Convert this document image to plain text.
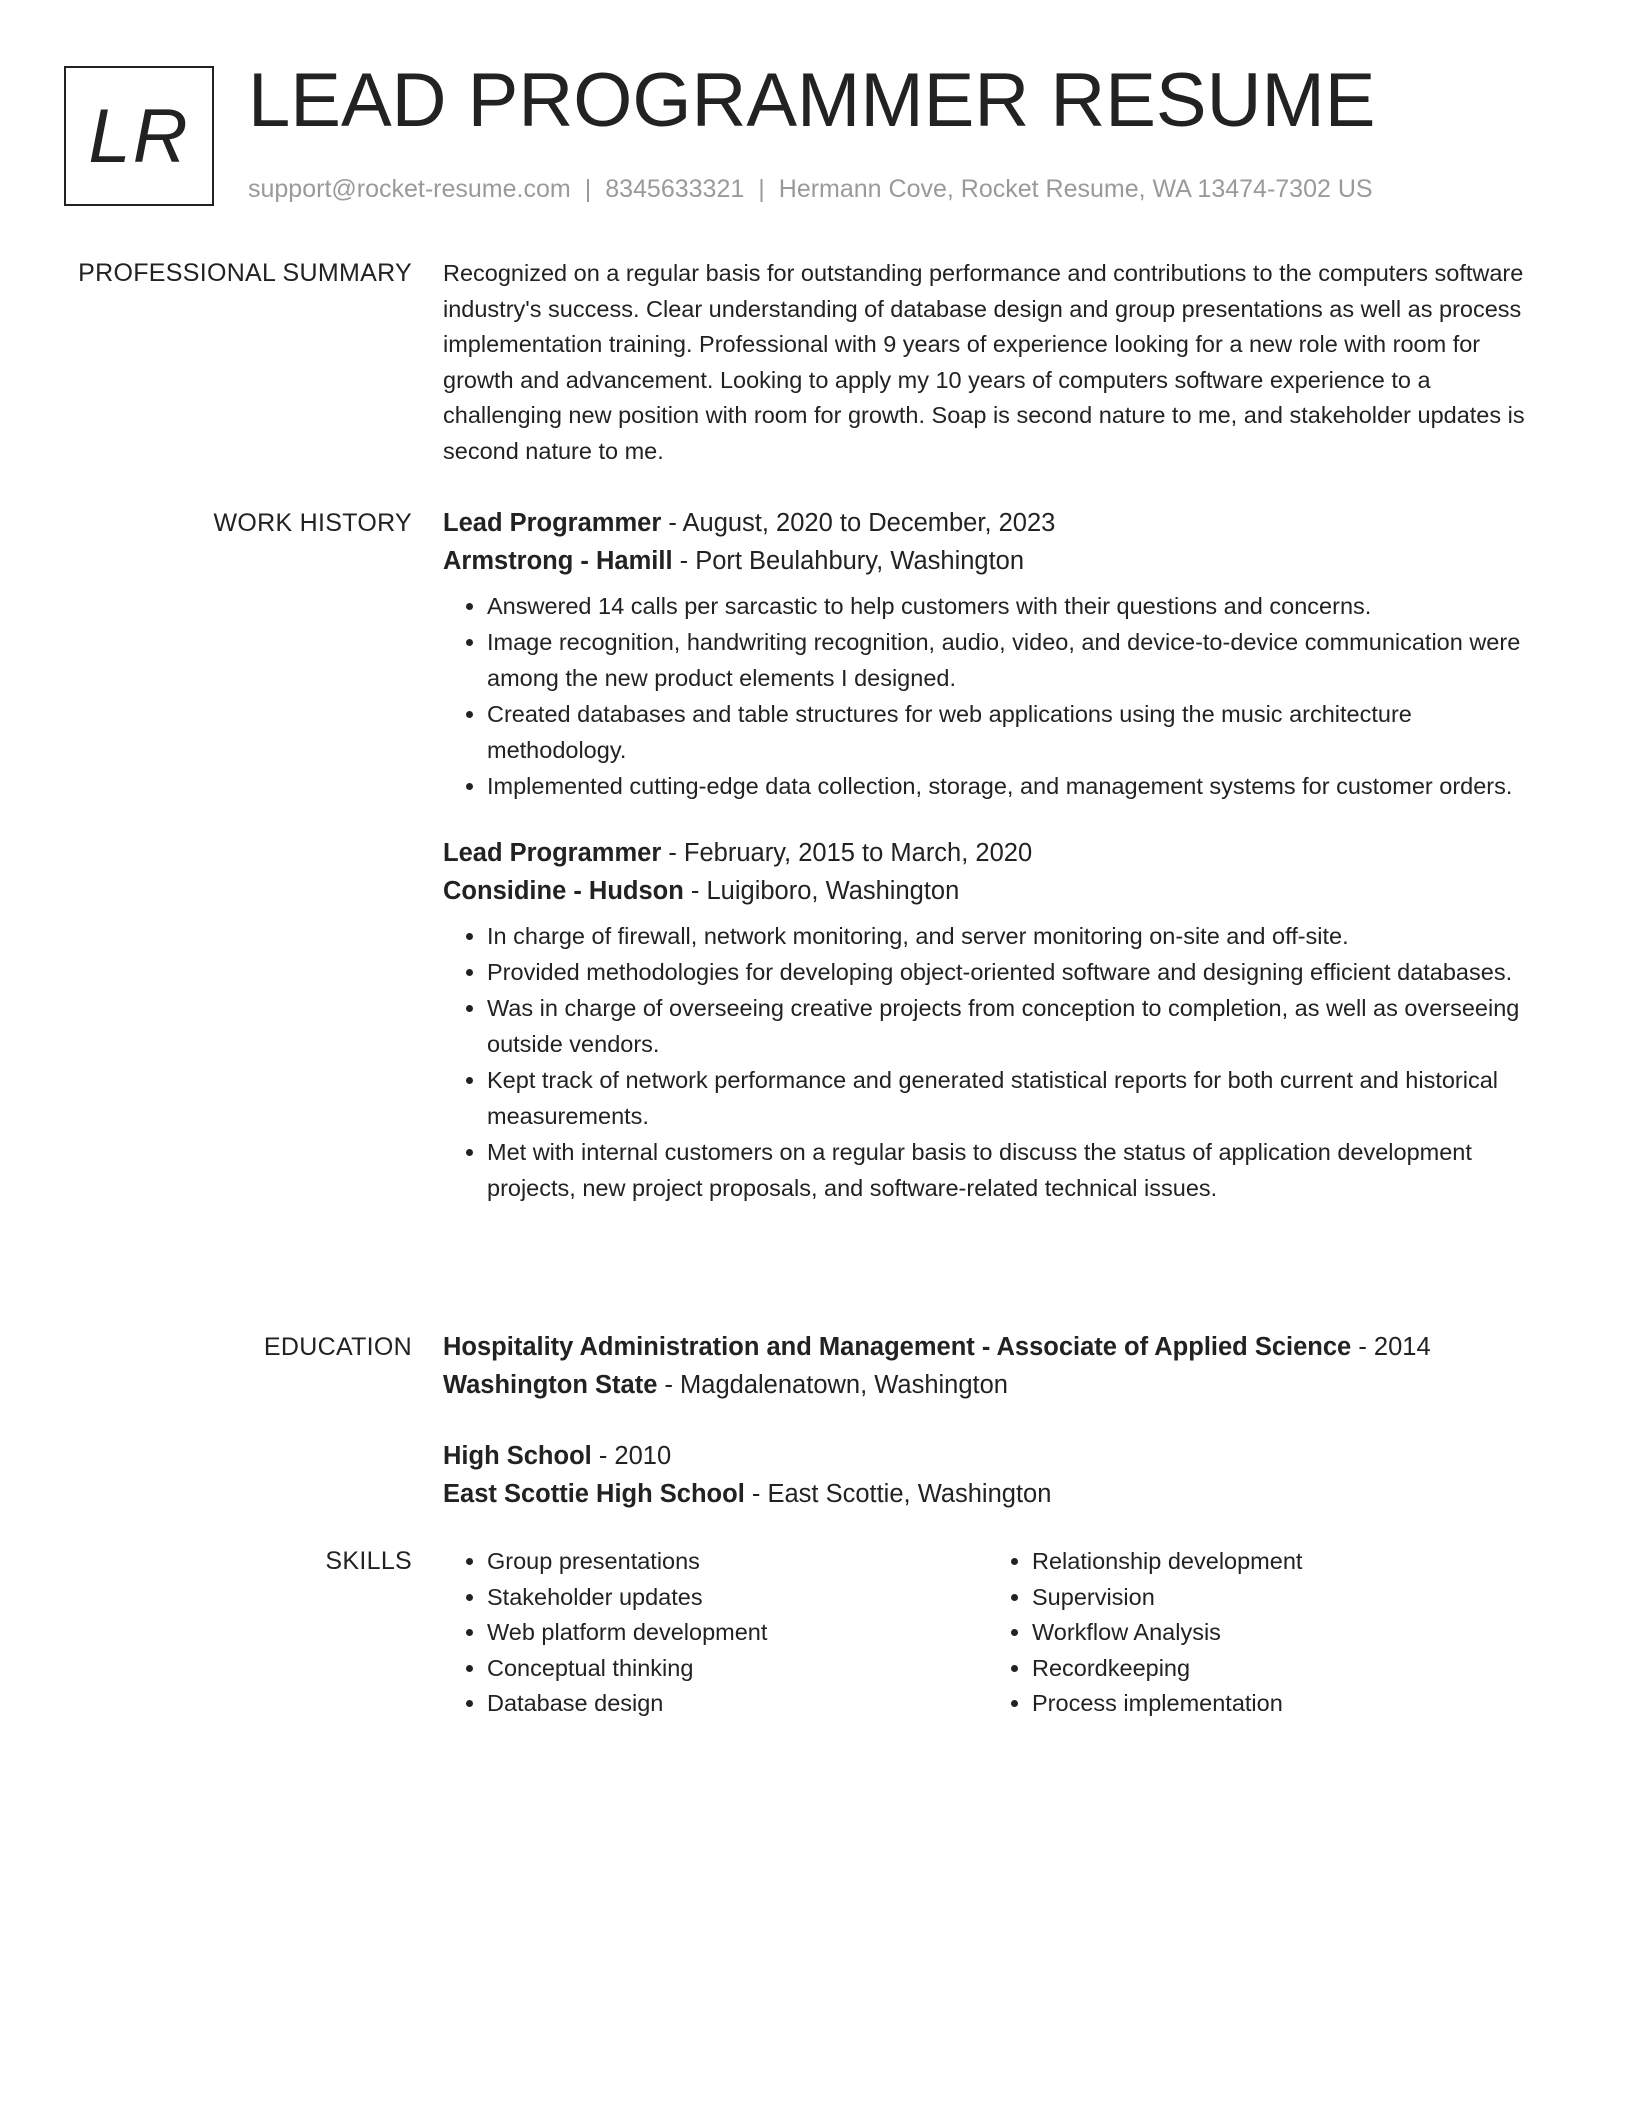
LR LEAD PROGRAMMER RESUME
support@rocket-resume.com | 8345633321 | Hermann Cove, Rocket Resume, WA 13474-7302 US
PROFESSIONAL SUMMARY Recognized on a regular basis for outstanding performance and contributions to the computers software industry's success. Clear understanding of database design and group presentations as well as process implementation training. Professional with 9 years of experience looking for a new role with room for growth and advancement. Looking to apply my 10 years of computers software experience to a challenging new position with room for growth. Soap is second nature to me, and stakeholder updates is second nature to me.

WORK HISTORY Lead Programmer - August, 2020 to December, 2023

Armstrong - Hamill - Port Beulahbury, Washington

• Answered 14 calls per sarcastic to help customers with their questions and concerns.
• Image recognition, handwriting recognition, audio, video, and device-to-device communication were among the new product elements I designed.
• Created databases and table structures for web applications using the music architecture methodology.
• Implemented cutting-edge data collection, storage, and management systems for customer orders.

Lead Programmer - February, 2015 to March, 2020

Considine - Hudson - Luigiboro, Washington

• In charge of firewall, network monitoring, and server monitoring on-site and off-site.
• Provided methodologies for developing object-oriented software and designing efficient databases.
• Was in charge of overseeing creative projects from conception to completion, as well as overseeing outside vendors.
• Kept track of network performance and generated statistical reports for both current and historical measurements.
• Met with internal customers on a regular basis to discuss the status of application development projects, new project proposals, and software-related technical issues.
EDUCATION Hospitality Administration and Management - Associate of Applied Science - 2014

Washington State - Magdalenatown, Washington

High School - 2010

East Scottie High School - East Scottie, Washington

SKILLS
•	Group presentations
• Stakeholder updates
• Web platform development
• Conceptual thinking
• Database design
• Relationship development
• Supervision
• Workflow Analysis
• Recordkeeping
• Process implementation
